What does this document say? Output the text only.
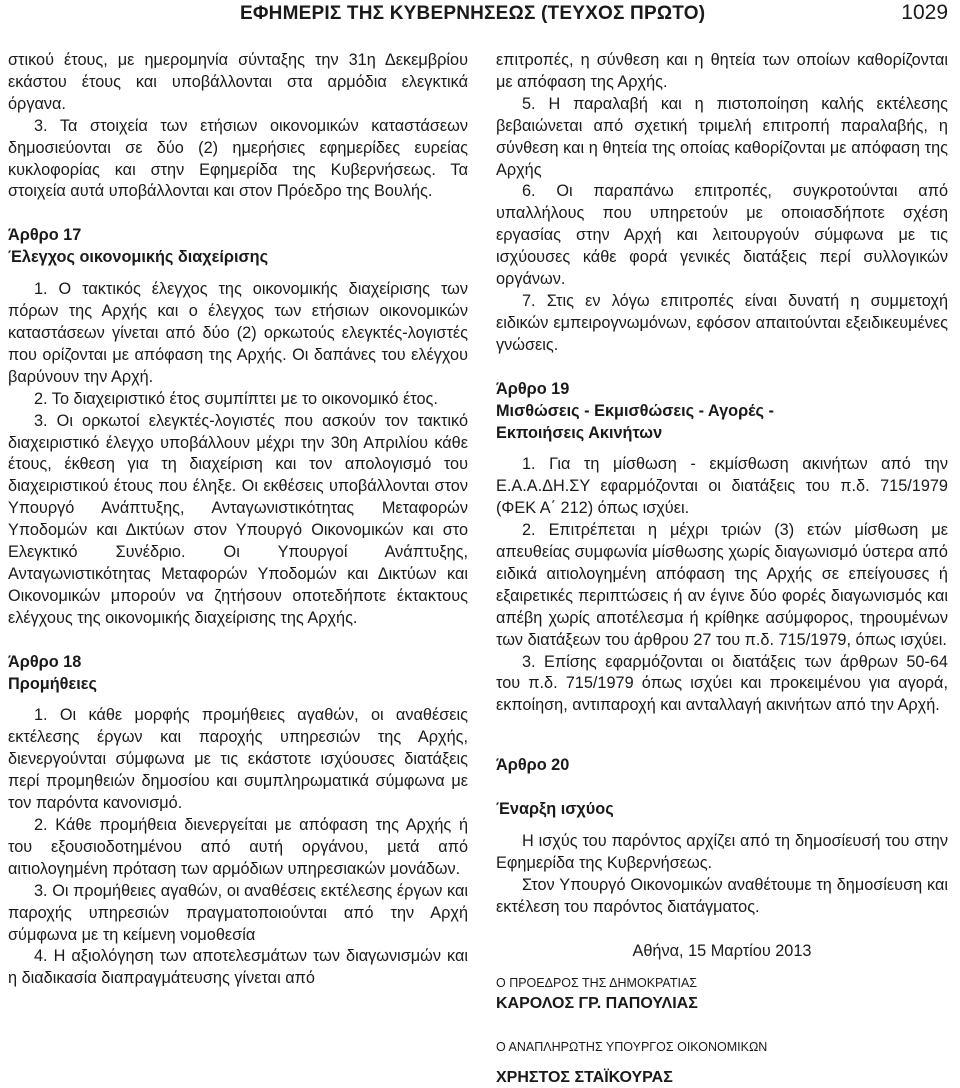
ΕΦΗΜΕΡΙΣ ΤΗΣ ΚΥΒΕΡΝΗΣΕΩΣ (ΤΕΥΧΟΣ ΠΡΩΤΟ)	1029

στικού έτους, με ημερομηνία σύνταξης την 31η Δεκεμβρίου εκάστου έτους και υποβάλλονται στα αρμόδια ελεγκτικά όργανα.

3. Τα στοιχεία των ετήσιων οικονομικών καταστάσεων δημοσιεύονται σε δύο (2) ημερήσιες εφημερίδες ευρείας κυκλοφορίας και στην Εφημερίδα της Κυβερνήσεως. Τα στοιχεία αυτά υποβάλλονται και στον Πρόεδρο της Βουλής.

Άρθρο 17

Έλεγχος οικονομικής διαχείρισης

1. Ο τακτικός έλεγχος της οικονομικής διαχείρισης των πόρων της Αρχής και ο έλεγχος των ετήσιων οικονομικών καταστάσεων γίνεται από δύο (2) ορκωτούς ελεγκτές-λογιστές που ορίζονται με απόφαση της Αρχής. Οι δαπάνες του ελέγχου βαρύνουν την Αρχή.

2. Το διαχειριστικό έτος συμπίπτει με το οικονομικό έτος.

3. Οι ορκωτοί ελεγκτές-λογιστές που ασκούν τον τακτικό διαχειριστικό έλεγχο υποβάλλουν μέχρι την 30η Απριλίου κάθε έτους, έκθεση για τη διαχείριση και τον απολογισμό του διαχειριστικού έτους που έληξε. Οι εκθέσεις υποβάλλονται στον Υπουργό Ανάπτυξης, Ανταγωνιστικότητας Μεταφορών Υποδομών και Δικτύων στον Υπουργό Οικονομικών και στο Ελεγκτικό Συνέδριο. Οι Υπουργοί Ανάπτυξης, Ανταγωνιστικότητας Μεταφορών Υποδομών και Δικτύων και Οικονομικών μπορούν να ζητήσουν οποτεδήποτε έκτακτους ελέγχους της οικονομικής διαχείρισης της Αρχής.

Άρθρο 18

Προμήθειες

1. Οι κάθε μορφής προμήθειες αγαθών, οι αναθέσεις εκτέλεσης έργων και παροχής υπηρεσιών της Αρχής, διενεργούνται σύμφωνα με τις εκάστοτε ισχύουσες διατάξεις περί προμηθειών δημοσίου και συμπληρωματικά σύμφωνα με τον παρόντα κανονισμό.

2. Κάθε προμήθεια διενεργείται με απόφαση της Αρχής ή του εξουσιοδοτημένου από αυτή οργάνου, μετά από αιτιολογημένη πρόταση των αρμόδιων υπηρεσιακών μονάδων.

3. Οι προμήθειες αγαθών, οι αναθέσεις εκτέλεσης έργων και παροχής υπηρεσιών πραγματοποιούνται από την Αρχή σύμφωνα με τη κείμενη νομοθεσία

4. Η αξιολόγηση των αποτελεσμάτων των διαγωνισμών και η διαδικασία διαπραγμάτευσης γίνεται από

επιτροπές, η σύνθεση και η θητεία των οποίων καθορίζονται με απόφαση της Αρχής.

5. Η παραλαβή και η πιστοποίηση καλής εκτέλεσης βεβαιώνεται από σχετική τριμελή επιτροπή παραλαβής, η σύνθεση και η θητεία της οποίας καθορίζονται με απόφαση της Αρχής

6. Οι παραπάνω επιτροπές, συγκροτούνται από υπαλλήλους που υπηρετούν με οποιασδήποτε σχέση εργασίας στην Αρχή και λειτουργούν σύμφωνα με τις ισχύουσες κάθε φορά γενικές διατάξεις περί συλλογικών οργάνων.

7. Στις εν λόγω επιτροπές είναι δυνατή η συμμετοχή ειδικών εμπειρογνωμόνων, εφόσον απαιτούνται εξειδικευμένες γνώσεις.

Άρθρο 19

Μισθώσεις - Εκμισθώσεις - Αγορές -

Εκποιήσεις Ακινήτων

1. Για τη μίσθωση - εκμίσθωση ακινήτων από την Ε.Α.Α.ΔΗ.ΣΥ εφαρμόζονται οι διατάξεις του π.δ. 715/1979 (ΦΕΚ Α΄ 212) όπως ισχύει.

2. Επιτρέπεται η μέχρι τριών (3) ετών μίσθωση με απευθείας συμφωνία μίσθωσης χωρίς διαγωνισμό ύστερα από ειδικά αιτιολογημένη απόφαση της Αρχής σε επείγουσες ή εξαιρετικές περιπτώσεις ή αν έγινε δύο φορές διαγωνισμός και απέβη χωρίς αποτέλεσμα ή κρίθηκε ασύμφορος, τηρουμένων των διατάξεων του άρθρου 27 του π.δ. 715/1979, όπως ισχύει.

3. Επίσης εφαρμόζονται οι διατάξεις των άρθρων 50-64 του π.δ. 715/1979 όπως ισχύει και προκειμένου για αγορά, εκποίηση, αντιπαροχή και ανταλλαγή ακινήτων από την Αρχή.

Άρθρο 20

Έναρξη ισχύος

Η ισχύς του παρόντος αρχίζει από τη δημοσίευσή του στην Εφημερίδα της Κυβερνήσεως.

Στον Υπουργό Οικονομικών αναθέτουμε τη δημοσίευση και εκτέλεση του παρόντος διατάγματος.

Αθήνα, 15 Μαρτίου 2013

Ο ΠΡΟΕΔΡΟΣ ΤΗΣ ΔΗΜΟΚΡΑΤΙΑΣ

ΚΑΡΟΛΟΣ ΓΡ. ΠΑΠΟΥΛΙΑΣ

Ο ΑΝΑΠΛΗΡΩΤΗΣ ΥΠΟΥΡΓΟΣ ΟΙΚΟΝΟΜΙΚΩΝ

ΧΡΗΣΤΟΣ ΣΤΑΪΚΟΥΡΑΣ
